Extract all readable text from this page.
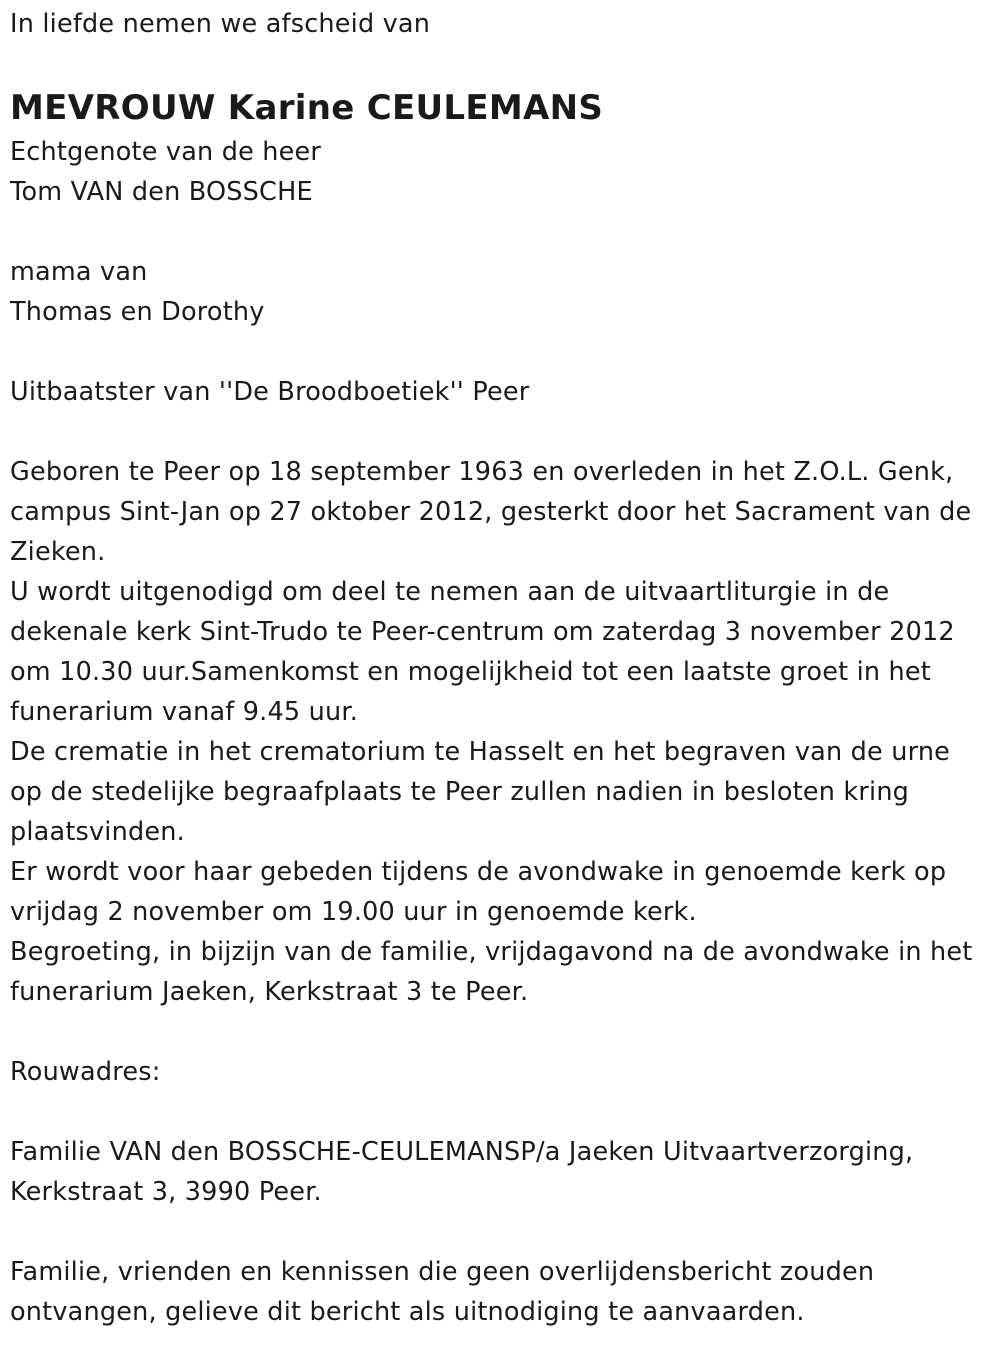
In liefde nemen we afscheid van
MEVROUW Karine CEULEMANS
Echtgenote van de heer
Tom VAN den BOSSCHE
mama van
Thomas en Dorothy
Uitbaatster van ''De Broodboetiek'' Peer
Geboren te Peer op 18 september 1963 en overleden in het Z.O.L. Genk,
campus Sint-Jan op 27 oktober 2012, gesterkt door het Sacrament van de
Zieken.
U wordt uitgenodigd om deel te nemen aan de uitvaartliturgie in de
dekenale kerk Sint-Trudo te Peer-centrum om zaterdag 3 november 2012
om 10.30 uur.Samenkomst en mogelijkheid tot een laatste groet in het
funerarium vanaf 9.45 uur.
De crematie in het crematorium te Hasselt en het begraven van de urne
op de stedelijke begraafplaats te Peer zullen nadien in besloten kring
plaatsvinden.
Er wordt voor haar gebeden tijdens de avondwake in genoemde kerk op
vrijdag 2 november om 19.00 uur in genoemde kerk.
Begroeting, in bijzijn van de familie, vrijdagavond na de avondwake in het
funerarium Jaeken, Kerkstraat 3 te Peer.
Rouwadres:
Familie VAN den BOSSCHE-CEULEMANSP/a Jaeken Uitvaartverzorging,
Kerkstraat 3, 3990 Peer.
Familie, vrienden en kennissen die geen overlijdensbericht zouden
ontvangen, gelieve dit bericht als uitnodiging te aanvaarden.
